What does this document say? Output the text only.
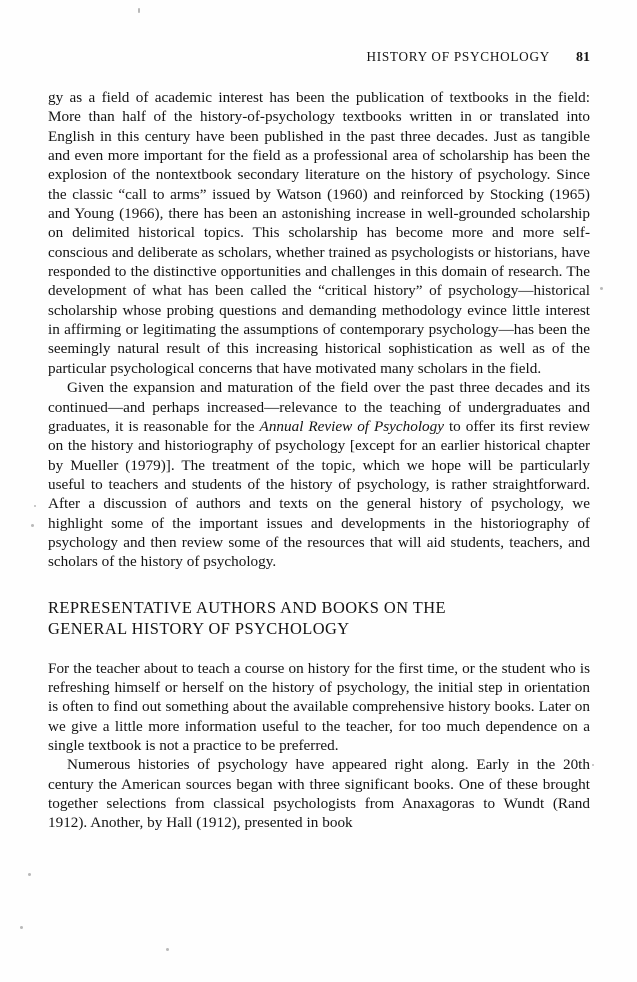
HISTORY OF PSYCHOLOGY 81

gy as a field of academic interest has been the publication of textbooks in the field: More than half of the history-of-psychology textbooks written in or translated into English in this century have been published in the past three decades. Just as tangible and even more important for the field as a professional area of scholarship has been the explosion of the nontextbook secondary literature on the history of psychology. Since the classic “call to arms” issued by Watson (1960) and reinforced by Stocking (1965) and Young (1966), there has been an astonishing increase in well-grounded scholarship on delimited historical topics. This scholarship has become more and more self-conscious and deliberate as scholars, whether trained as psychologists or historians, have responded to the distinctive opportunities and challenges in this domain of research. The development of what has been called the “critical history” of psychology—historical scholarship whose probing questions and demanding methodology evince little interest in affirming or legitimating the assumptions of contemporary psychology—has been the seemingly natural result of this increasing historical sophistication as well as of the particular psychological concerns that have motivated many scholars in the field.

Given the expansion and maturation of the field over the past three decades and its continued—and perhaps increased—relevance to the teaching of undergraduates and graduates, it is reasonable for the Annual Review of Psychology to offer its first review on the history and historiography of psychology [except for an earlier historical chapter by Mueller (1979)]. The treatment of the topic, which we hope will be particularly useful to teachers and students of the history of psychology, is rather straightforward. After a discussion of authors and texts on the general history of psychology, we highlight some of the important issues and developments in the historiography of psychology and then review some of the resources that will aid students, teachers, and scholars of the history of psychology.

REPRESENTATIVE AUTHORS AND BOOKS ON THE
GENERAL HISTORY OF PSYCHOLOGY

For the teacher about to teach a course on history for the first time, or the student who is refreshing himself or herself on the history of psychology, the initial step in orientation is often to find out something about the available comprehensive history books. Later on we give a little more information useful to the teacher, for too much dependence on a single textbook is not a practice to be preferred.

Numerous histories of psychology have appeared right along. Early in the 20th century the American sources began with three significant books. One of these brought together selections from classical psychologists from Anaxagoras to Wundt (Rand 1912). Another, by Hall (1912), presented in book
